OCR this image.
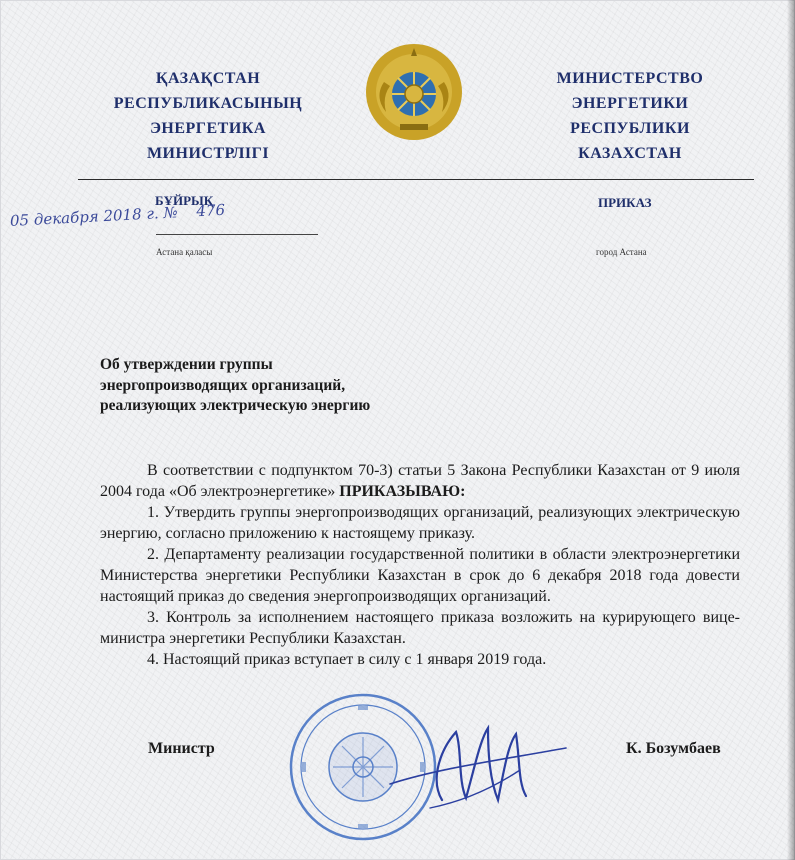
ҚАЗАҚСТАН
РЕСПУБЛИКАСЫНЫҢ
ЭНЕРГЕТИКА
МИНИСТРЛІГІ
МИНИСТЕРСТВО
ЭНЕРГЕТИКИ
РЕСПУБЛИКИ
КАЗАХСТАН
БҰЙРЫҚ	ПРИКАЗ
05 декабря 2018 г. № 476
Астана қаласы	город Астана
Об утверждении группы
энергопроизводящих организаций,
реализующих электрическую энергию

В соответствии с подпунктом 70-3) статьи 5 Закона Республики Казахстан от 9 июля 2004 года «Об электроэнергетике» ПРИКАЗЫВАЮ:

1. Утвердить группы энергопроизводящих организаций, реализующих электрическую энергию, согласно приложению к настоящему приказу.

2. Департаменту реализации государственной политики в области электроэнергетики Министерства энергетики Республики Казахстан в срок до 6 декабря 2018 года довести настоящий приказ до сведения энергопроизводящих организаций.

3. Контроль за исполнением настоящего приказа возложить на курирующего вице-министра энергетики Республики Казахстан.

4. Настоящий приказ вступает в силу с 1 января 2019 года.

Министр	К. Бозумбаев
